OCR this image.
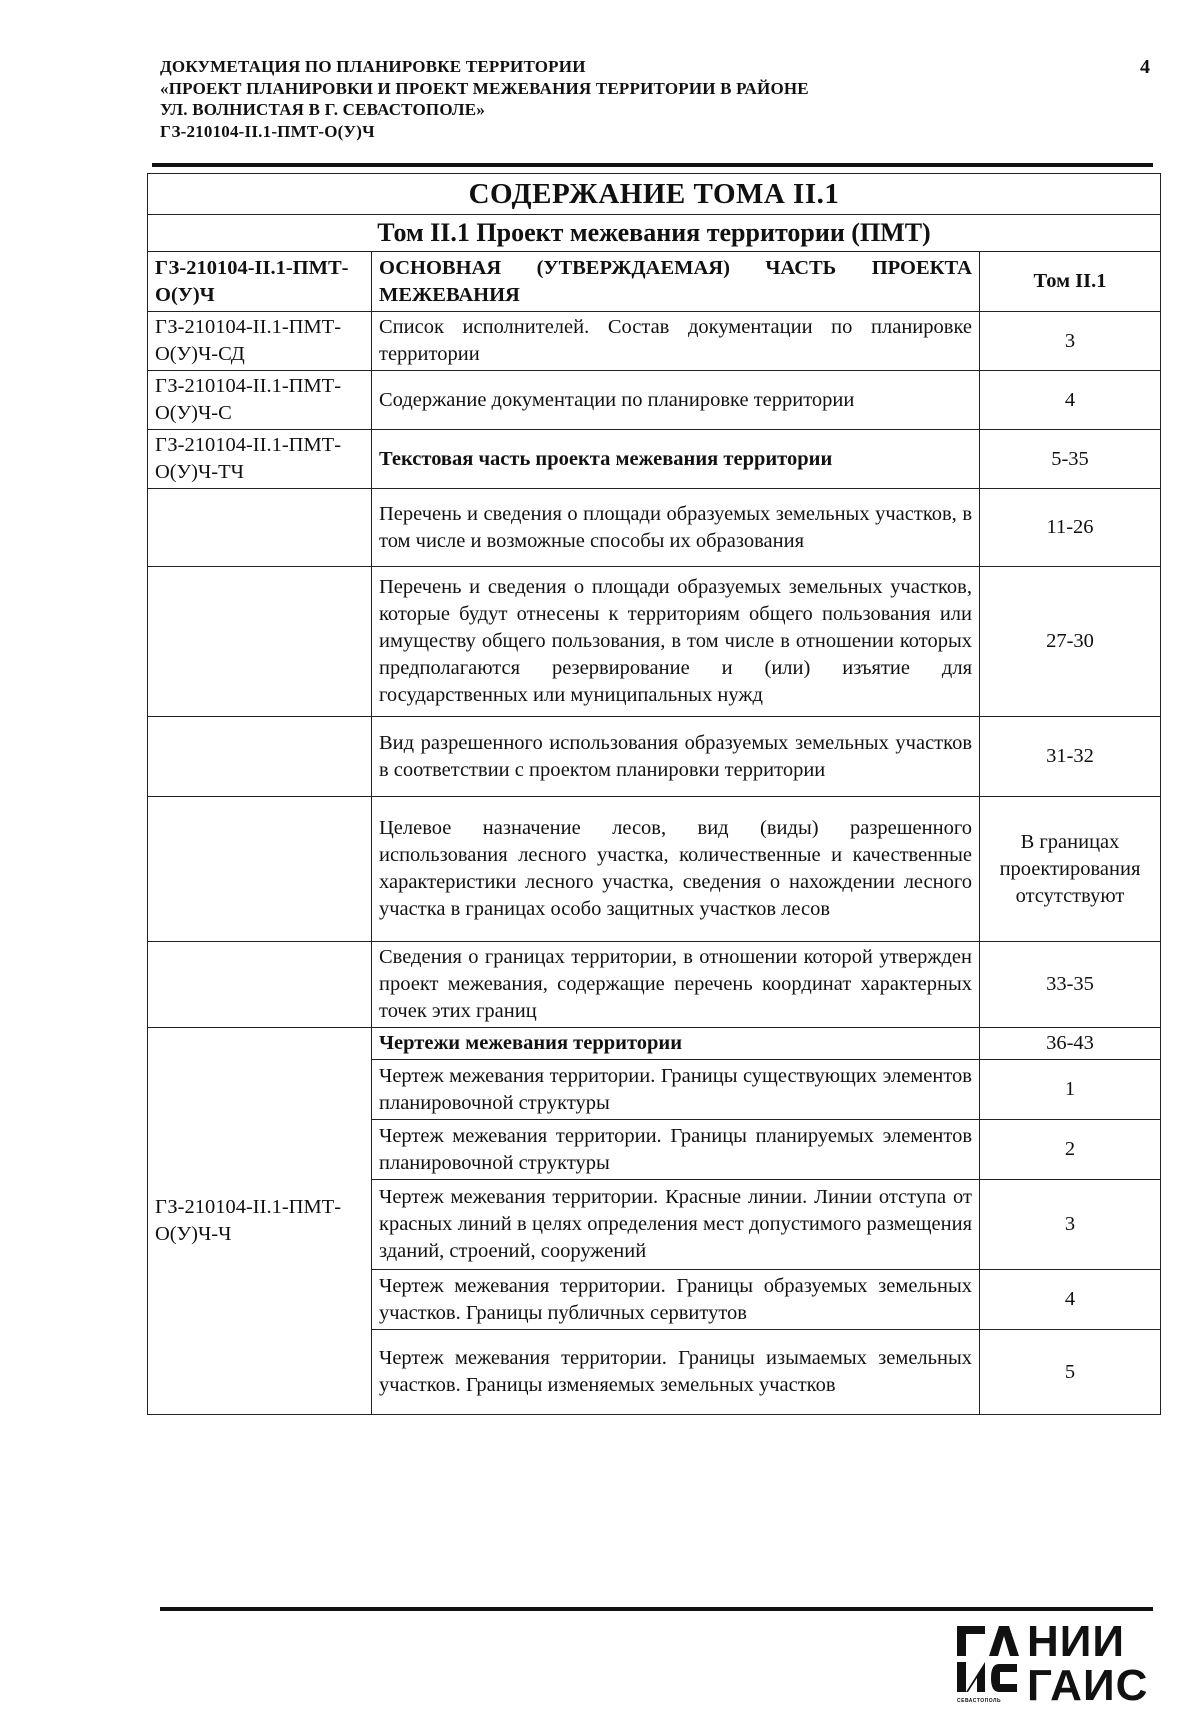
ДОКУМЕТАЦИЯ ПО ПЛАНИРОВКЕ ТЕРРИТОРИИ
«ПРОЕКТ ПЛАНИРОВКИ И ПРОЕКТ МЕЖЕВАНИЯ ТЕРРИТОРИИ В РАЙОНЕ
УЛ. ВОЛНИСТАЯ В Г. СЕВАСТОПОЛЕ»
ГЗ-210104-II.1-ПМТ-О(У)Ч
4
СОДЕРЖАНИЕ ТОМА II.1		
Том II.1 Проект межевания территории (ПМТ)		
ГЗ-210104-II.1-ПМТ-О(У)Ч	ОСНОВНАЯ (УТВЕРЖДАЕМАЯ) ЧАСТЬ ПРОЕКТА МЕЖЕВАНИЯ	Том II.1
ГЗ-210104-II.1-ПМТ-О(У)Ч-СД	Список исполнителей. Состав документации по планировке территории	3
ГЗ-210104-II.1-ПМТ-О(У)Ч-С	Содержание документации по планировке территории	4
ГЗ-210104-II.1-ПМТ-О(У)Ч-ТЧ	Текстовая часть проекта межевания территории	5-35
	Перечень и сведения о площади образуемых земельных участков, в том числе и возможные способы их образования	11-26
	Перечень и сведения о площади образуемых земельных участков, которые будут отнесены к территориям общего пользования или имуществу общего пользования, в том числе в отношении которых предполагаются резервирование и (или) изъятие для государственных или муниципальных нужд	27-30
	Вид разрешенного использования образуемых земельных участков в соответствии с проектом планировки территории	31-32
	Целевое назначение лесов, вид (виды) разрешенного использования лесного участка, количественные и качественные характеристики лесного участка, сведения о нахождении лесного участка в границах особо защитных участков лесов	В границах проектирования отсутствуют
	Сведения о границах территории, в отношении которой утвержден проект межевания, содержащие перечень координат характерных точек этих границ	33-35
ГЗ-210104-II.1-ПМТ-О(У)Ч-Ч	Чертежи межевания территории	36-43
	Чертеж межевания территории. Границы существующих элементов планировочной структуры	1
	Чертеж межевания территории. Границы планируемых элементов планировочной структуры	2
	Чертеж межевания территории. Красные линии. Линии отступа от красных линий в целях определения мест допустимого размещения зданий, строений, сооружений	3
	Чертеж межевания территории. Границы образуемых земельных участков. Границы публичных сервитутов	4
	Чертеж межевания территории. Границы изымаемых земельных участков. Границы изменяемых земельных участков	5
СЕВАСТОПОЛЬ
НИИ
ГАИС
